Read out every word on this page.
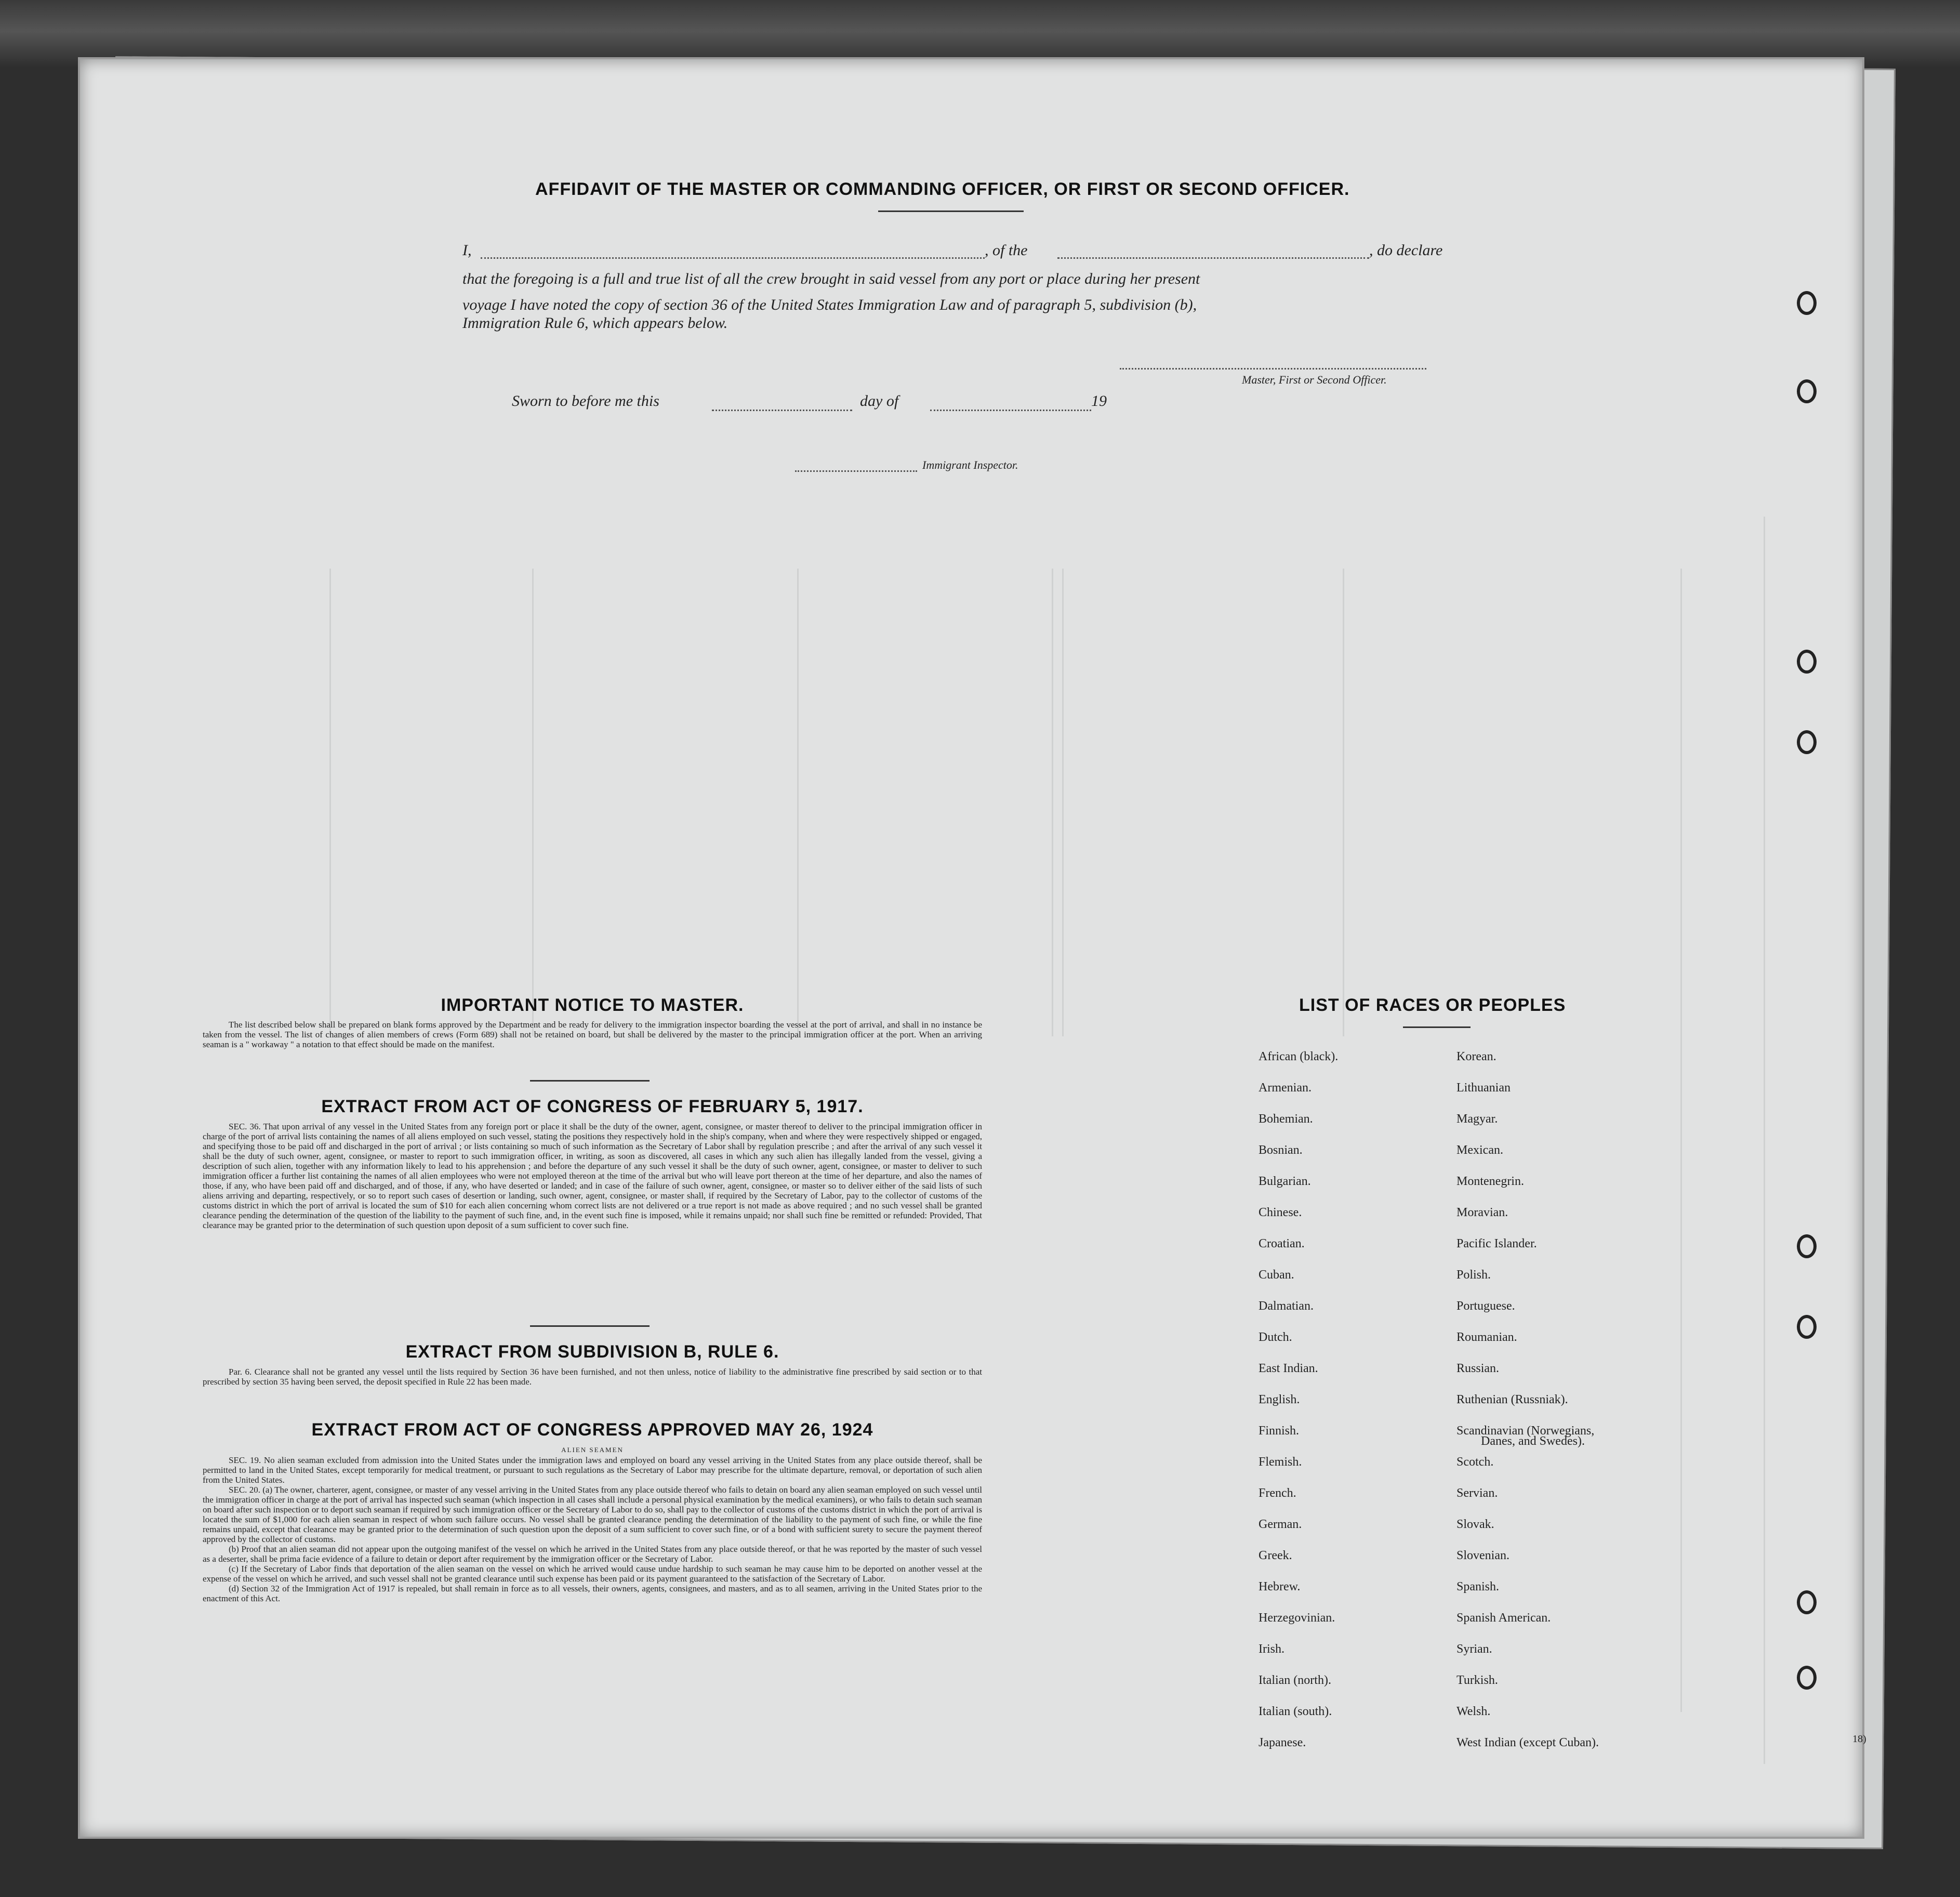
AFFIDAVIT OF THE MASTER OR COMMANDING OFFICER, OR FIRST OR SECOND OFFICER.
I,	, of the	, do declare
that the foregoing is a full and true list of all the crew brought in said vessel from any port or place during her present
voyage I have noted the copy of section 36 of the United States Immigration Law and of paragraph 5, subdivision (b),
Immigration Rule 6, which appears below.
Master, First or Second Officer.
Sworn to before me this	day of	19
Immigrant Inspector.
IMPORTANT NOTICE TO MASTER.

The list described below shall be prepared on blank forms approved by the Department and be ready for delivery to the immigration inspector boarding the vessel at the port of arrival, and shall in no instance be taken from the vessel. The list of changes of alien members of crews (Form 689) shall not be retained on board, but shall be delivered by the master to the principal immigration officer at the port. When an arriving seaman is a " workaway " a notation to that effect should be made on the manifest.

EXTRACT FROM ACT OF CONGRESS OF FEBRUARY 5, 1917.

SEC. 36. That upon arrival of any vessel in the United States from any foreign port or place it shall be the duty of the owner, agent, consignee, or master thereof to deliver to the principal immigration officer in charge of the port of arrival lists containing the names of all aliens employed on such vessel, stating the positions they respectively hold in the ship's company, when and where they were respectively shipped or engaged, and specifying those to be paid off and discharged in the port of arrival ; or lists containing so much of such information as the Secretary of Labor shall by regulation prescribe ; and after the arrival of any such vessel it shall be the duty of such owner, agent, consignee, or master to report to such immigration officer, in writing, as soon as discovered, all cases in which any such alien has illegally landed from the vessel, giving a description of such alien, together with any information likely to lead to his apprehension ; and before the departure of any such vessel it shall be the duty of such owner, agent, consignee, or master to deliver to such immigration officer a further list containing the names of all alien employees who were not employed thereon at the time of the arrival but who will leave port thereon at the time of her departure, and also the names of those, if any, who have been paid off and discharged, and of those, if any, who have deserted or landed; and in case of the failure of such owner, agent, consignee, or master so to deliver either of the said lists of such aliens arriving and departing, respectively, or so to report such cases of desertion or landing, such owner, agent, consignee, or master shall, if required by the Secretary of Labor, pay to the collector of customs of the customs district in which the port of arrival is located the sum of $10 for each alien concerning whom correct lists are not delivered or a true report is not made as above required ; and no such vessel shall be granted clearance pending the determination of the question of the liability to the payment of such fine, and, in the event such fine is imposed, while it remains unpaid; nor shall such fine be remitted or refunded: Provided, That clearance may be granted prior to the determination of such question upon deposit of a sum sufficient to cover such fine.

EXTRACT FROM SUBDIVISION B, RULE 6.

Par. 6. Clearance shall not be granted any vessel until the lists required by Section 36 have been furnished, and not then unless, notice of liability to the administrative fine prescribed by said section or to that prescribed by section 35 having been served, the deposit specified in Rule 22 has been made.

EXTRACT FROM ACT OF CONGRESS APPROVED MAY 26, 1924
ALIEN SEAMEN

SEC. 19. No alien seaman excluded from admission into the United States under the immigration laws and employed on board any vessel arriving in the United States from any place outside thereof, shall be permitted to land in the United States, except temporarily for medical treatment, or pursuant to such regulations as the Secretary of Labor may prescribe for the ultimate departure, removal, or deportation of such alien from the United States.

SEC. 20. (a) The owner, charterer, agent, consignee, or master of any vessel arriving in the United States from any place outside thereof who fails to detain on board any alien seaman employed on such vessel until the immigration officer in charge at the port of arrival has inspected such seaman (which inspection in all cases shall include a personal physical examination by the medical examiners), or who fails to detain such seaman on board after such inspection or to deport such seaman if required by such immigration officer or the Secretary of Labor to do so, shall pay to the collector of customs of the customs district in which the port of arrival is located the sum of $1,000 for each alien seaman in respect of whom such failure occurs. No vessel shall be granted clearance pending the determination of the liability to the payment of such fine, or while the fine remains unpaid, except that clearance may be granted prior to the determination of such question upon the deposit of a sum sufficient to cover such fine, or of a bond with sufficient surety to secure the payment thereof approved by the collector of customs.

(b) Proof that an alien seaman did not appear upon the outgoing manifest of the vessel on which he arrived in the United States from any place outside thereof, or that he was reported by the master of such vessel as a deserter, shall be prima facie evidence of a failure to detain or deport after requirement by the immigration officer or the Secretary of Labor.

(c) If the Secretary of Labor finds that deportation of the alien seaman on the vessel on which he arrived would cause undue hardship to such seaman he may cause him to be deported on another vessel at the expense of the vessel on which he arrived, and such vessel shall not be granted clearance until such expense has been paid or its payment guaranteed to the satisfaction of the Secretary of Labor.

(d) Section 32 of the Immigration Act of 1917 is repealed, but shall remain in force as to all vessels, their owners, agents, consignees, and masters, and as to all seamen, arriving in the United States prior to the enactment of this Act.

LIST OF RACES OR PEOPLES
African (black).
Armenian.
Bohemian.
Bosnian.
Bulgarian.
Chinese.
Croatian.
Cuban.
Dalmatian.
Dutch.
East Indian.
English.
Finnish.
Flemish.
French.
German.
Greek.
Hebrew.
Herzegovinian.
Irish.
Italian (north).
Italian (south).
Japanese.
Korean.
Lithuanian
Magyar.
Mexican.
Montenegrin.
Moravian.
Pacific Islander.
Polish.
Portuguese.
Roumanian.
Russian.
Ruthenian (Russniak).
Scandinavian (Norwegians,
Scotch.
Servian.
Slovak.
Slovenian.
Spanish.
Spanish American.
Syrian.
Turkish.
Welsh.
West Indian (except Cuban).
Danes, and Swedes).
18)
